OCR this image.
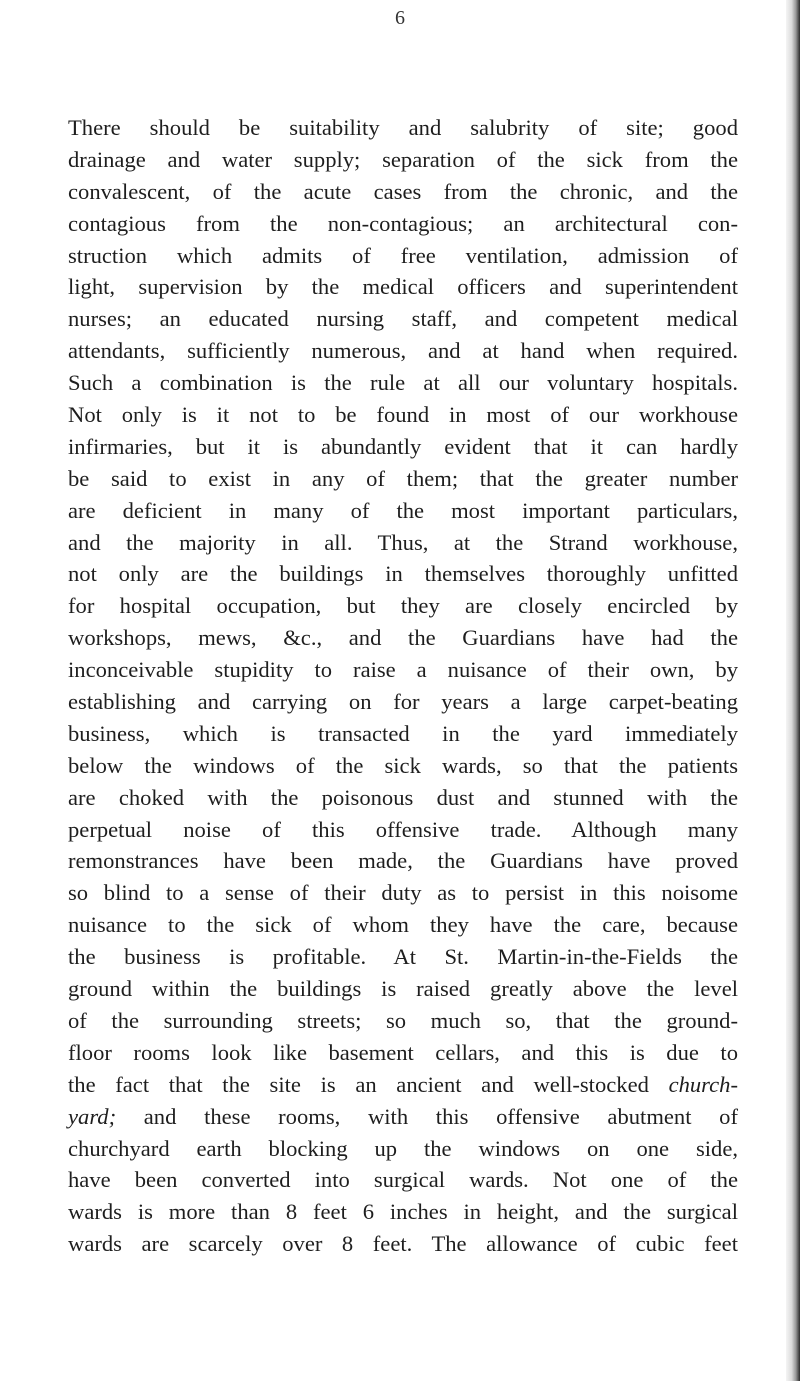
6
There should be suitability and salubrity of site; good
drainage and water supply; separation of the sick from the
convalescent, of the acute cases from the chronic, and the
contagious from the non-contagious; an architectural con-
struction which admits of free ventilation, admission of
light, supervision by the medical officers and superintendent
nurses; an educated nursing staff, and competent medical
attendants, sufficiently numerous, and at hand when required.
Such a combination is the rule at all our voluntary hospitals.
Not only is it not to be found in most of our workhouse
infirmaries, but it is abundantly evident that it can hardly
be said to exist in any of them; that the greater number
are deficient in many of the most important particulars,
and the majority in all. Thus, at the Strand workhouse,
not only are the buildings in themselves thoroughly unfitted
for hospital occupation, but they are closely encircled by
workshops, mews, &c., and the Guardians have had the
inconceivable stupidity to raise a nuisance of their own, by
establishing and carrying on for years a large carpet-beating
business, which is transacted in the yard immediately
below the windows of the sick wards, so that the patients
are choked with the poisonous dust and stunned with the
perpetual noise of this offensive trade. Although many
remonstrances have been made, the Guardians have proved
so blind to a sense of their duty as to persist in this noisome
nuisance to the sick of whom they have the care, because
the business is profitable. At St. Martin-in-the-Fields the
ground within the buildings is raised greatly above the level
of the surrounding streets; so much so, that the ground-
floor rooms look like basement cellars, and this is due to
the fact that the site is an ancient and well-stocked church-
yard; and these rooms, with this offensive abutment of
churchyard earth blocking up the windows on one side,
have been converted into surgical wards. Not one of the
wards is more than 8 feet 6 inches in height, and the surgical
wards are scarcely over 8 feet. The allowance of cubic feet
